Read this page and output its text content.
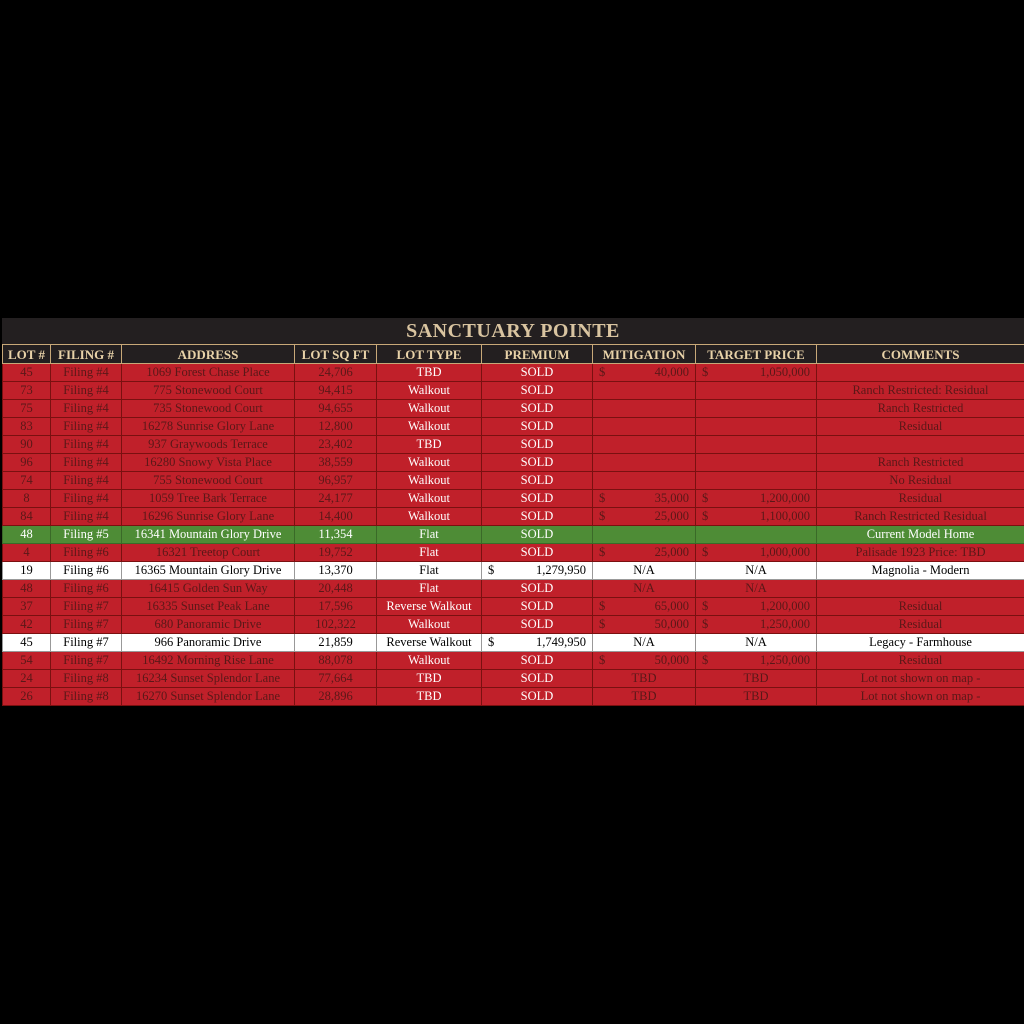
SANCTUARY POINTE
LOT #	FILING #	ADDRESS	LOT SQ FT	LOT TYPE	PREMIUM	MITIGATION	TARGET PRICE	COMMENTS
45	Filing #4	1069 Forest Chase Place	24,706	TBD	SOLD	$ 40,000	$ 1,050,000	

73	Filing #4	775 Stonewood Court	94,415	Walkout	SOLD			Ranch Restricted: Residual
75	Filing #4	735 Stonewood Court	94,655	Walkout	SOLD			Ranch Restricted
83	Filing #4	16278 Sunrise Glory Lane	12,800	Walkout	SOLD			Residual
90	Filing #4	937 Graywoods Terrace	23,402	TBD	SOLD			
96	Filing #4	16280 Snowy Vista Place	38,559	Walkout	SOLD			Ranch Restricted
74	Filing #4	755 Stonewood Court	96,957	Walkout	SOLD			No Residual
8	Filing #4	1059 Tree Bark Terrace	24,177	Walkout	SOLD	$ 35,000	$ 1,200,000	Residual
84	Filing #4	16296 Sunrise Glory Lane	14,400	Walkout	SOLD	$ 25,000	$ 1,100,000	Ranch Restricted Residual
48	Filing #5	16341 Mountain Glory Drive	11,354	Flat	SOLD			Current Model Home
4	Filing #6	16321 Treetop Court	19,752	Flat	SOLD	$ 25,000	$ 1,000,000	Palisade 1923 Price: TBD
19	Filing #6	16365 Mountain Glory Drive	13,370	Flat	$ 1,279,950	N/A	N/A	Magnolia - Modern
48	Filing #6	16415 Golden Sun Way	20,448	Flat	SOLD	N/A	N/A	
37	Filing #7	16335 Sunset Peak Lane	17,596	Reverse Walkout	SOLD	$ 65,000	$ 1,200,000	Residual
42	Filing #7	680 Panoramic Drive	102,322	Walkout	SOLD	$ 50,000	$ 1,250,000	Residual
45	Filing #7	966 Panoramic Drive	21,859	Reverse Walkout	$ 1,749,950	N/A	N/A	Legacy - Farmhouse
54	Filing #7	16492 Morning Rise Lane	88,078	Walkout	SOLD	$ 50,000	$ 1,250,000	Residual
24	Filing #8	16234 Sunset Splendor Lane	77,664	TBD	SOLD	TBD	TBD	Lot not shown on map -
26	Filing #8	16270 Sunset Splendor Lane	28,896	TBD	SOLD	TBD	TBD	Lot not shown on map -
